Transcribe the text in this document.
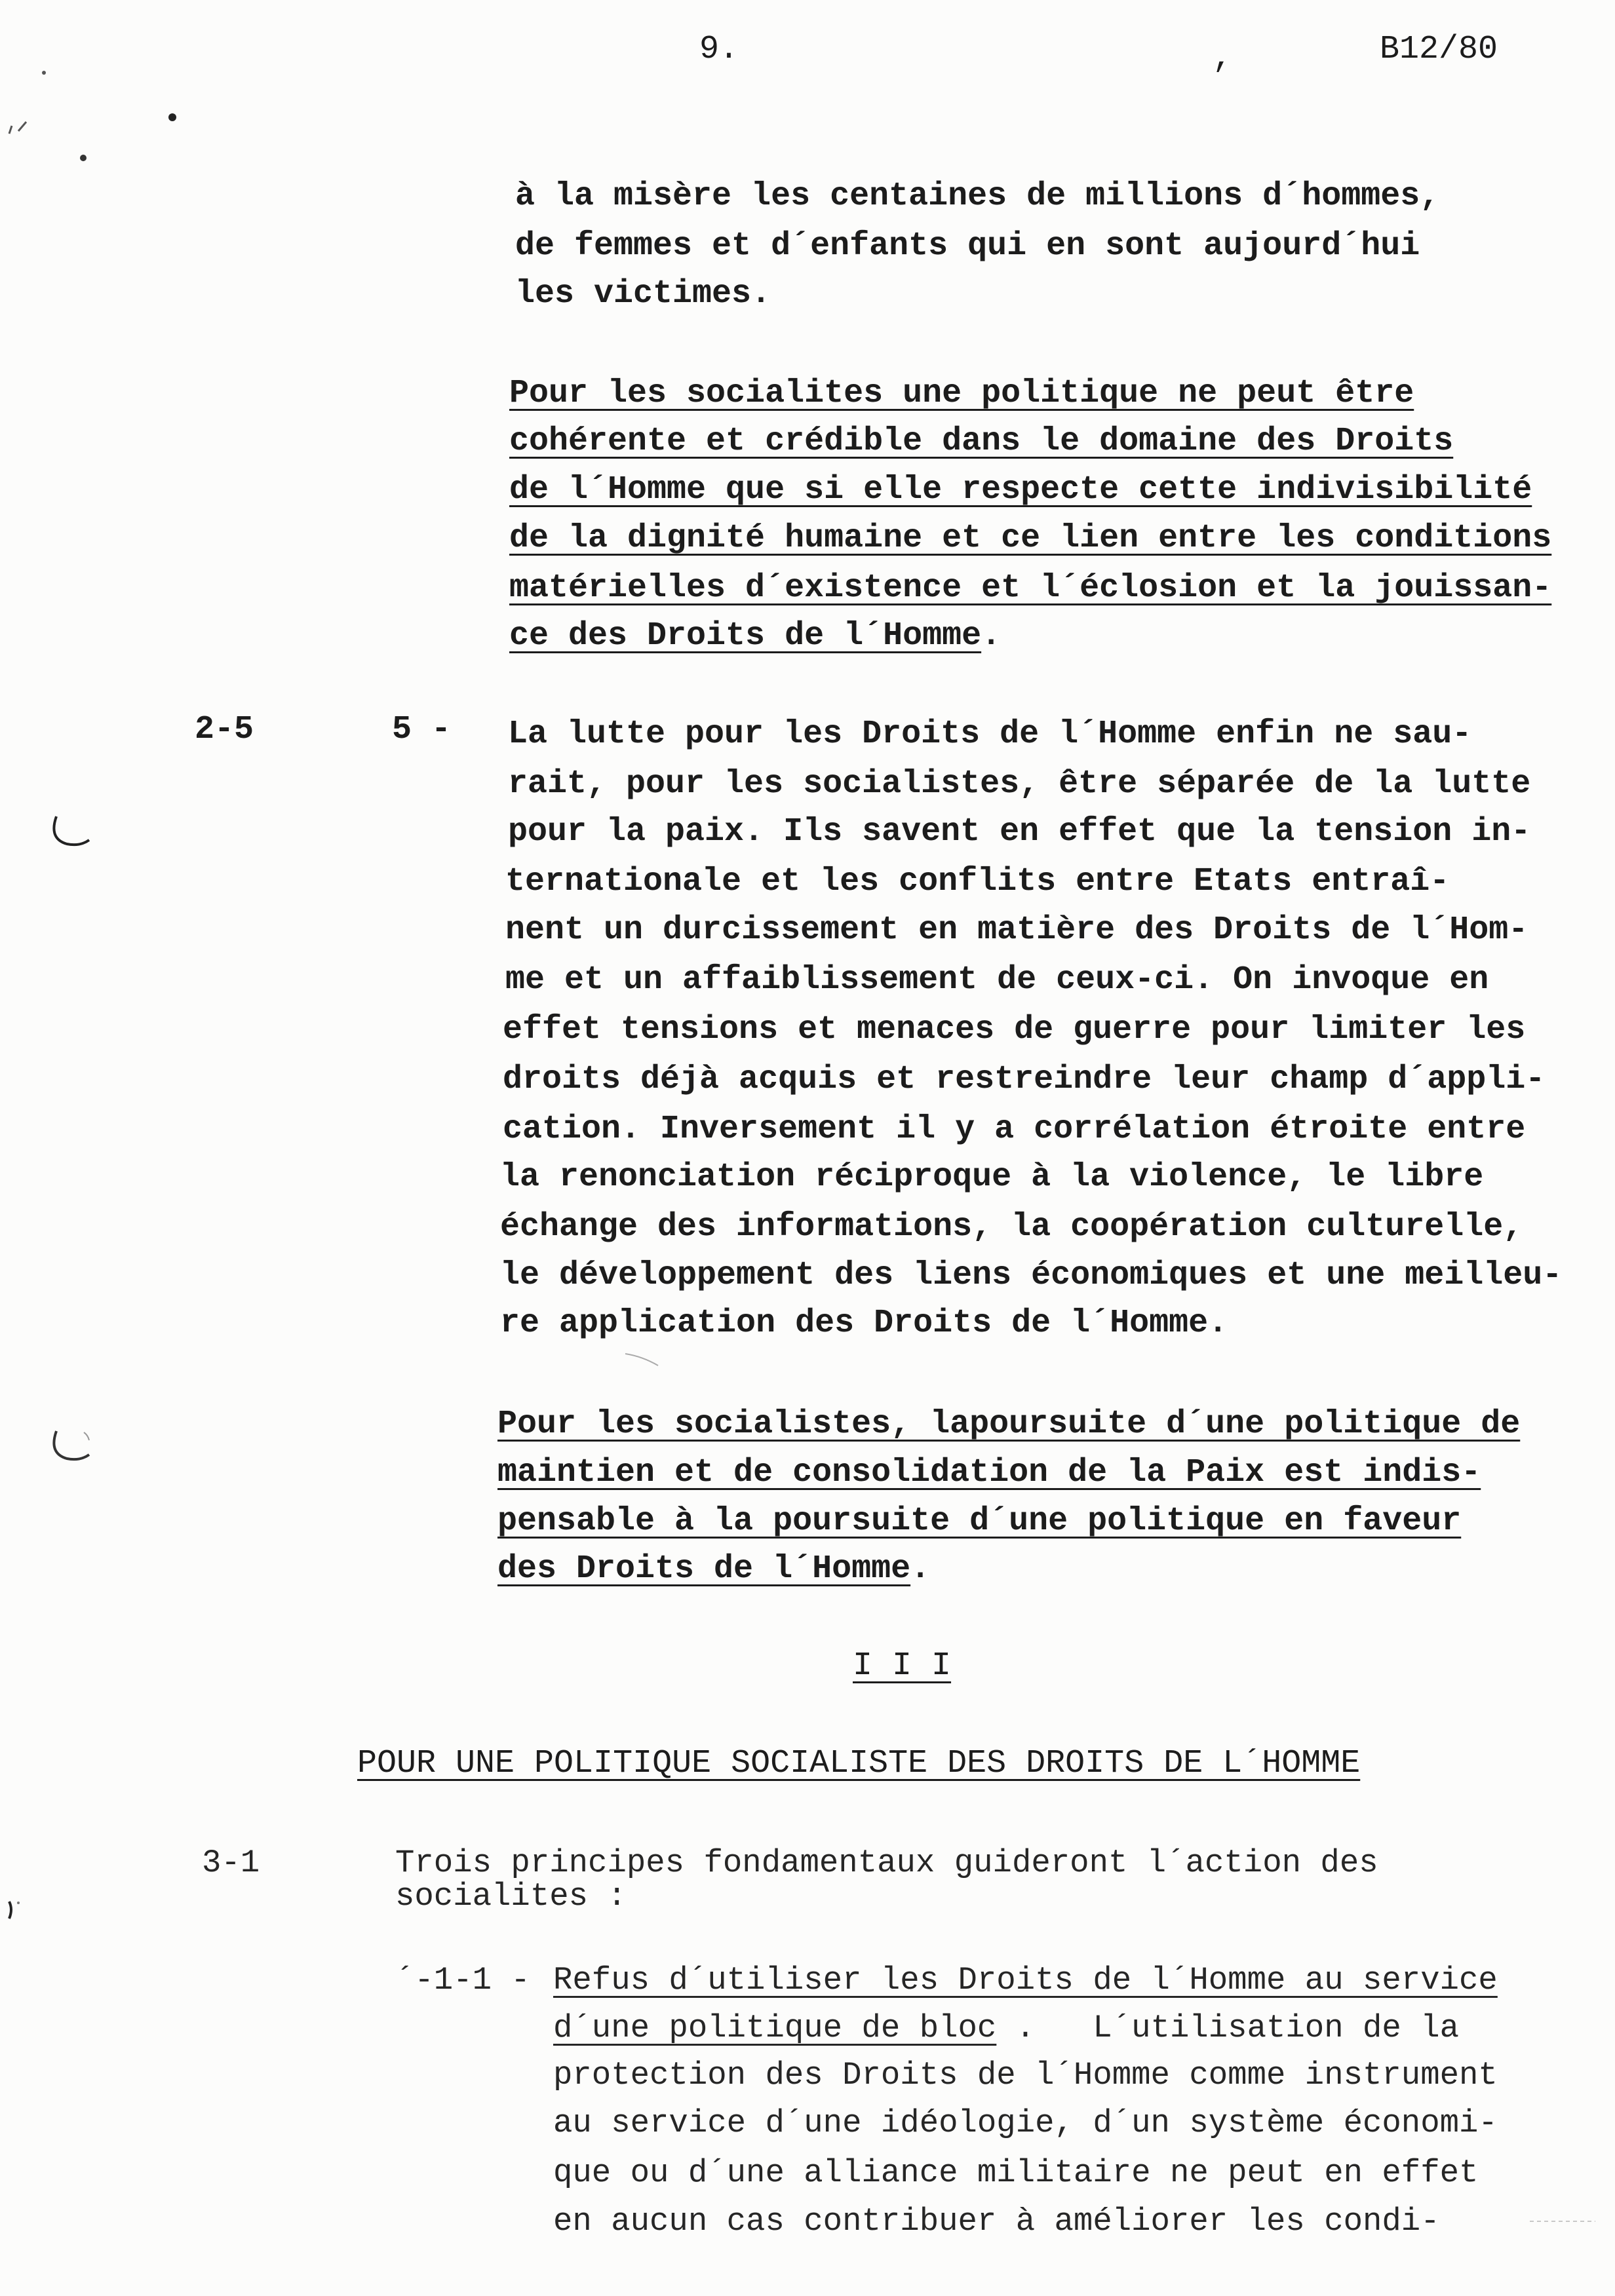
9.	,	B12/80
à la misère les centaines de millions d´hommes,
de femmes et d´enfants qui en sont aujourd´hui
les victimes.
Pour les socialites une politique ne peut être
cohérente et crédible dans le domaine des Droits
de l´Homme que si elle respecte cette indivisibilité
de la dignité humaine et ce lien entre les conditions
matérielles d´existence et l´éclosion et la jouissan-
ce des Droits de l´Homme.
2-5	5 - La lutte pour les Droits de l´Homme enfin ne sau-
rait, pour les socialistes, être séparée de la lutte
pour la paix. Ils savent en effet que la tension in-
ternationale et les conflits entre Etats entraî-
nent un durcissement en matière des Droits de l´Hom-
me et un affaiblissement de ceux-ci. On invoque en
effet tensions et menaces de guerre pour limiter les
droits déjà acquis et restreindre leur champ d´appli-
cation. Inversement il y a corrélation étroite entre
la renonciation réciproque à la violence, le libre
échange des informations, la coopération culturelle,
le développement des liens économiques et une meilleu-
re application des Droits de l´Homme.
Pour les socialistes, lapoursuite d´une politique de
maintien et de consolidation de la Paix est indis-
pensable à la poursuite d´une politique en faveur
des Droits de l´Homme.
I I I
POUR UNE POLITIQUE SOCIALISTE DES DROITS DE L´HOMME
3-1	Trois principes fondamentaux guideront l´action des
socialites :
´-1-1 - Refus d´utiliser les Droits de l´Homme au service
d´une politique de bloc .   L´utilisation de la
protection des Droits de l´Homme comme instrument
au service d´une idéologie, d´un système économi-
que ou d´une alliance militaire ne peut en effet
en aucun cas contribuer à améliorer les condi-
